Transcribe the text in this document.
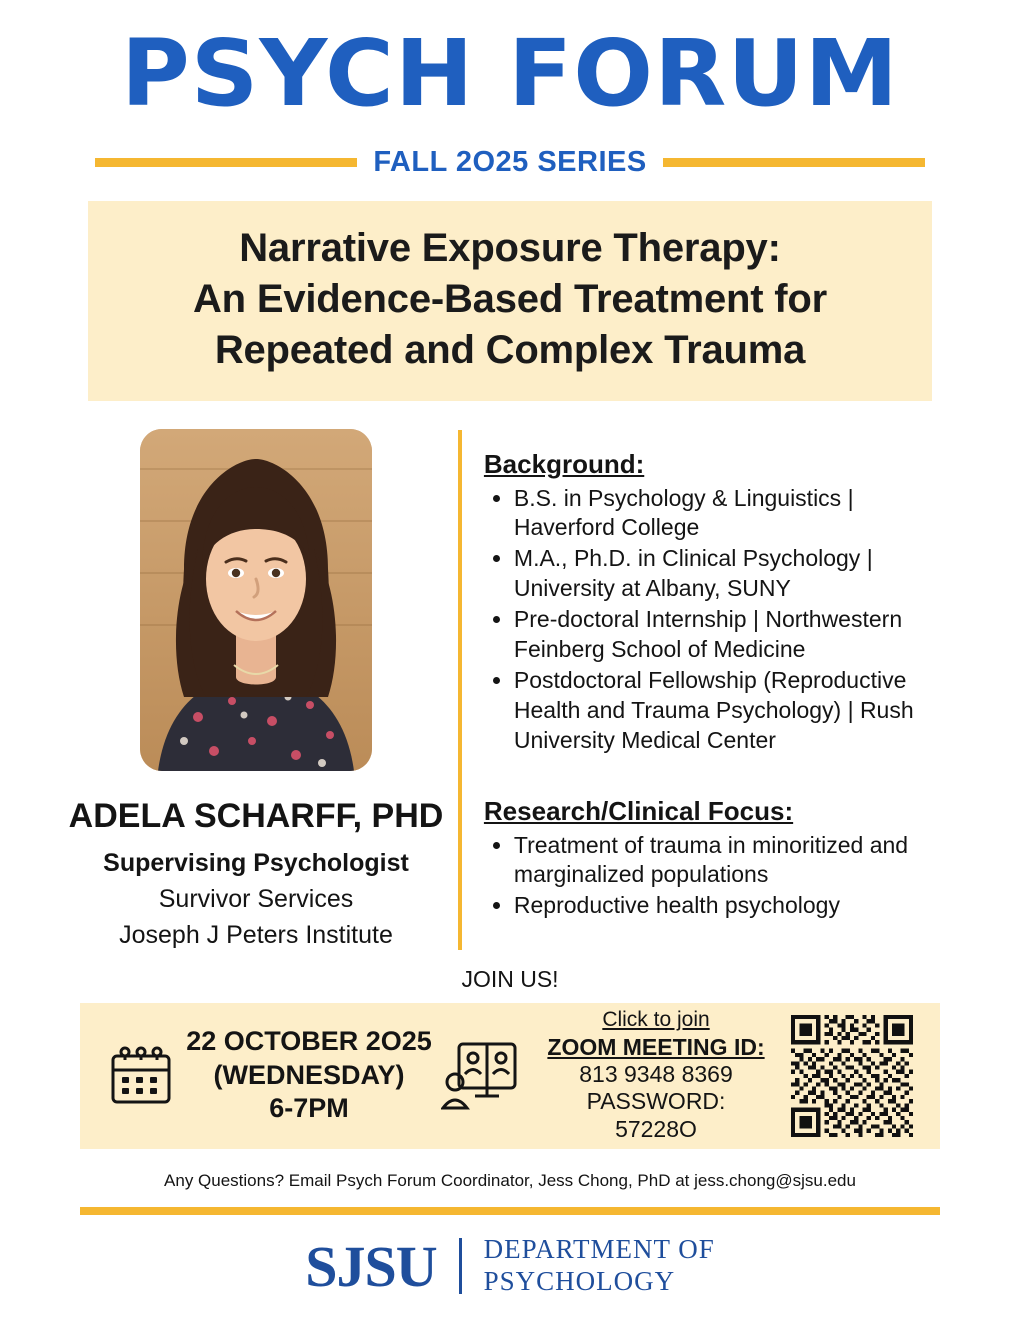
PSYCH FORUM
FALL 2O25 SERIES
Narrative Exposure Therapy:
An Evidence-Based Treatment for
Repeated and Complex Trauma
ADELA SCHARFF, PHD
Supervising Psychologist
Survivor Services
Joseph J Peters Institute
Background:
• B.S. in Psychology & Linguistics | Haverford College
• M.A., Ph.D. in Clinical Psychology | University at Albany, SUNY
• Pre-doctoral Internship | Northwestern Feinberg School of Medicine
• Postdoctoral Fellowship (Reproductive Health and Trauma Psychology) | Rush University Medical Center
Research/Clinical Focus:
• Treatment of trauma in minoritized and marginalized populations
• Reproductive health psychology
JOIN US!
22 OCTOBER 2O25
(WEDNESDAY)
6-7PM
Click to join
ZOOM MEETING ID:
813 9348 8369
PASSWORD:
57228O
Any Questions? Email Psych Forum Coordinator, Jess Chong, PhD at jess.chong@sjsu.edu
SJSU DEPARTMENT OF
PSYCHOLOGY
